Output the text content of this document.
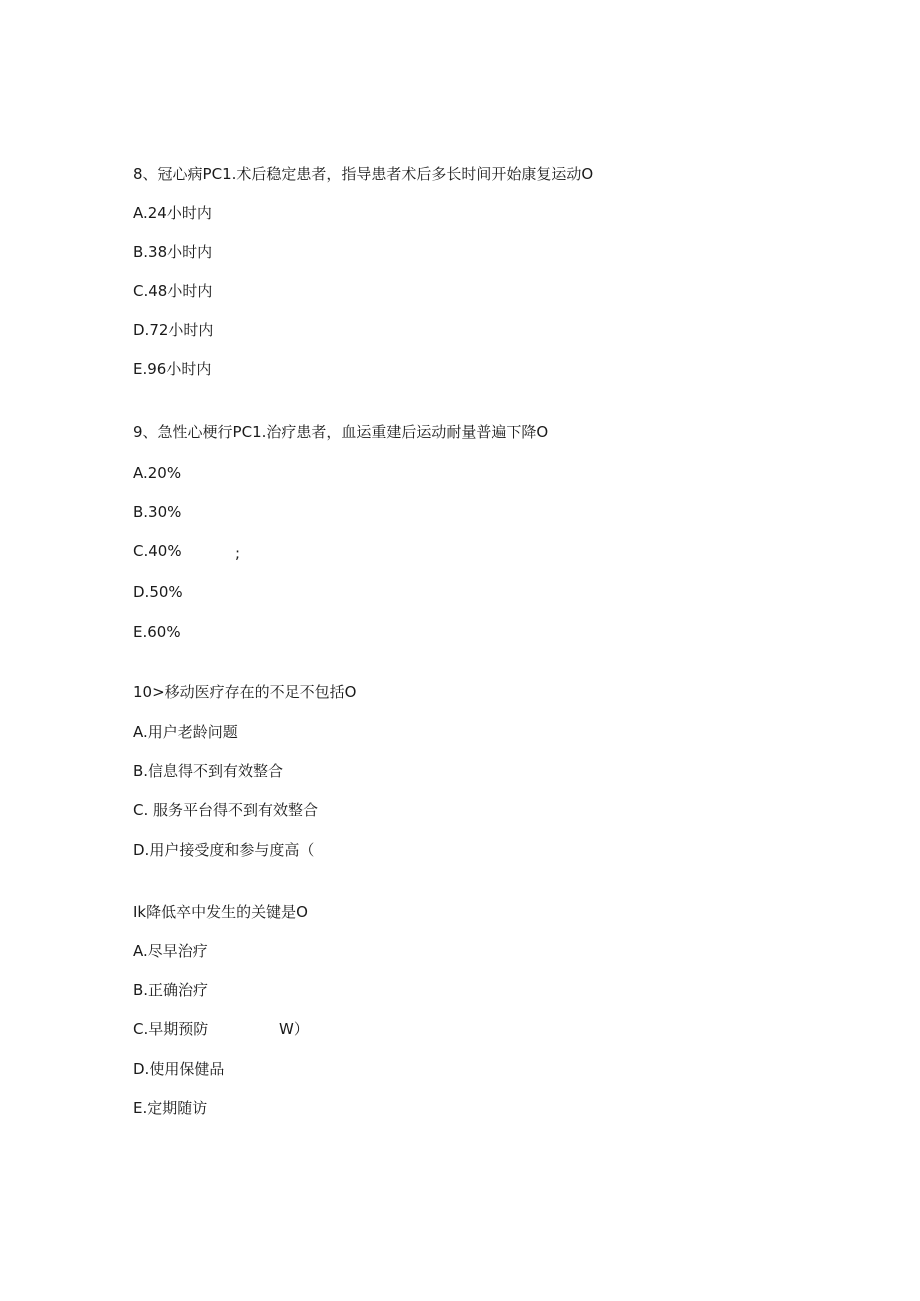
8、冠心病PC1.术后稳定患者，指导患者术后多长时间开始康复运动O

A.24小时内

B.38小时内

C.48小时内

D.72小时内

E.96小时内

9、急性心梗行PC1.治疗患者，血运重建后运动耐量普遍下降O

A.20%

B.30%

C.40%	;

D.50%

E.60%

10>移动医疗存在的不足不包括O

A.用户老龄问题

B.信息得不到有效整合

C. 服务平台得不到有效整合

D.用户接受度和参与度高（

Ik降低卒中发生的关键是O

A.尽早治疗

B.正确治疗

C.早期预防	W）

D.使用保健品

E.定期随访
